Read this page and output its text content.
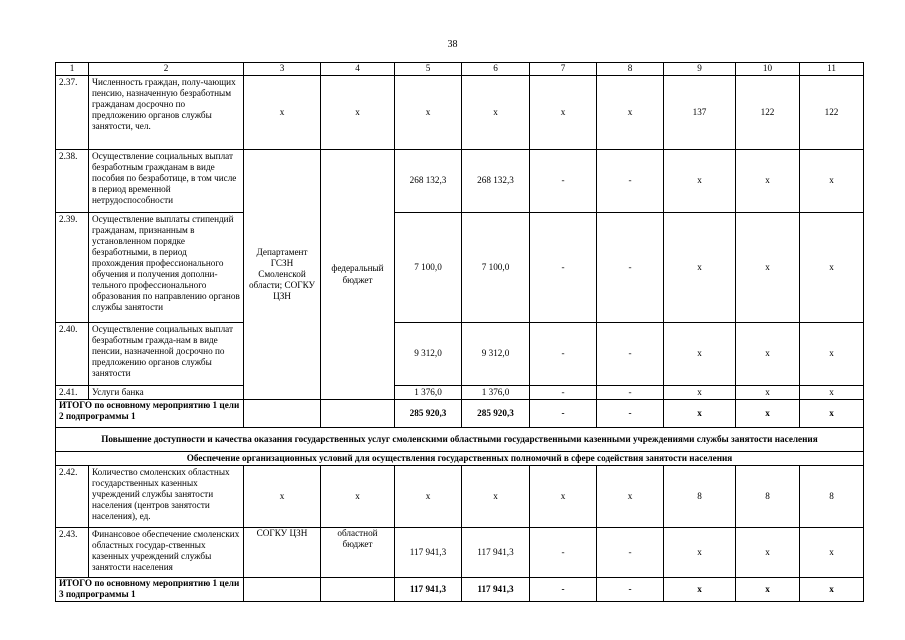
38
1	2	3	4	5	6	7	8	9	10	11
2.37.	Численность граждан, полу-чающих пенсию, назначенную безработным гражданам досрочно по предложению органов службы занятости, чел.	х	х	х	х	х	х	137	122	122
2.38.	Осуществление социальных выплат безработным гражданам в виде пособия по безработице, в том числе в период временной нетрудоспособности	Департамент ГСЗН Смоленской области; СОГКУ ЦЗН	федеральный бюджет	268 132,3	268 132,3	-	-	х	х	х
2.39.	Осуществление выплаты стипендий гражданам, признанным в установленном порядке безработными, в период прохождения профессионального обучения и получения дополни-тельного профессионального образования по направлению органов службы занятости			7 100,0	7 100,0	-	-	х	х	х
2.40.	Осуществление социальных выплат безработным гражда-нам в виде пенсии, назначенной досрочно по предложению органов службы занятости			9 312,0	9 312,0	-	-	х	х	х
2.41.	Услуги банка			1 376,0	1 376,0	-	-	х	х	х
ИТОГО по основному мероприятию 1 цели 2 подпрограммы 1				285 920,3	285 920,3	-	-	х	х	х
Повышение доступности и качества оказания государственных услуг смоленскими областными государственными казенными учреждениями службы занятости населения										
Обеспечение организационных условий для осуществления государственных полномочий в сфере содействия занятости населения										
2.42.	Количество смоленских областных государственных казенных учреждений службы занятости населения (центров занятости населения), ед.	х	х	х	х	х	х	8	8	8
2.43.	Финансовое обеспечение смоленских областных государ-ственных казенных учреждений службы занятости населения	СОГКУ ЦЗН	областной бюджет	117 941,3	117 941,3	-	-	х	х	х
ИТОГО по основному мероприятию 1 цели 3 подпрограммы 1				117 941,3	117 941,3	-	-	х	х	х
